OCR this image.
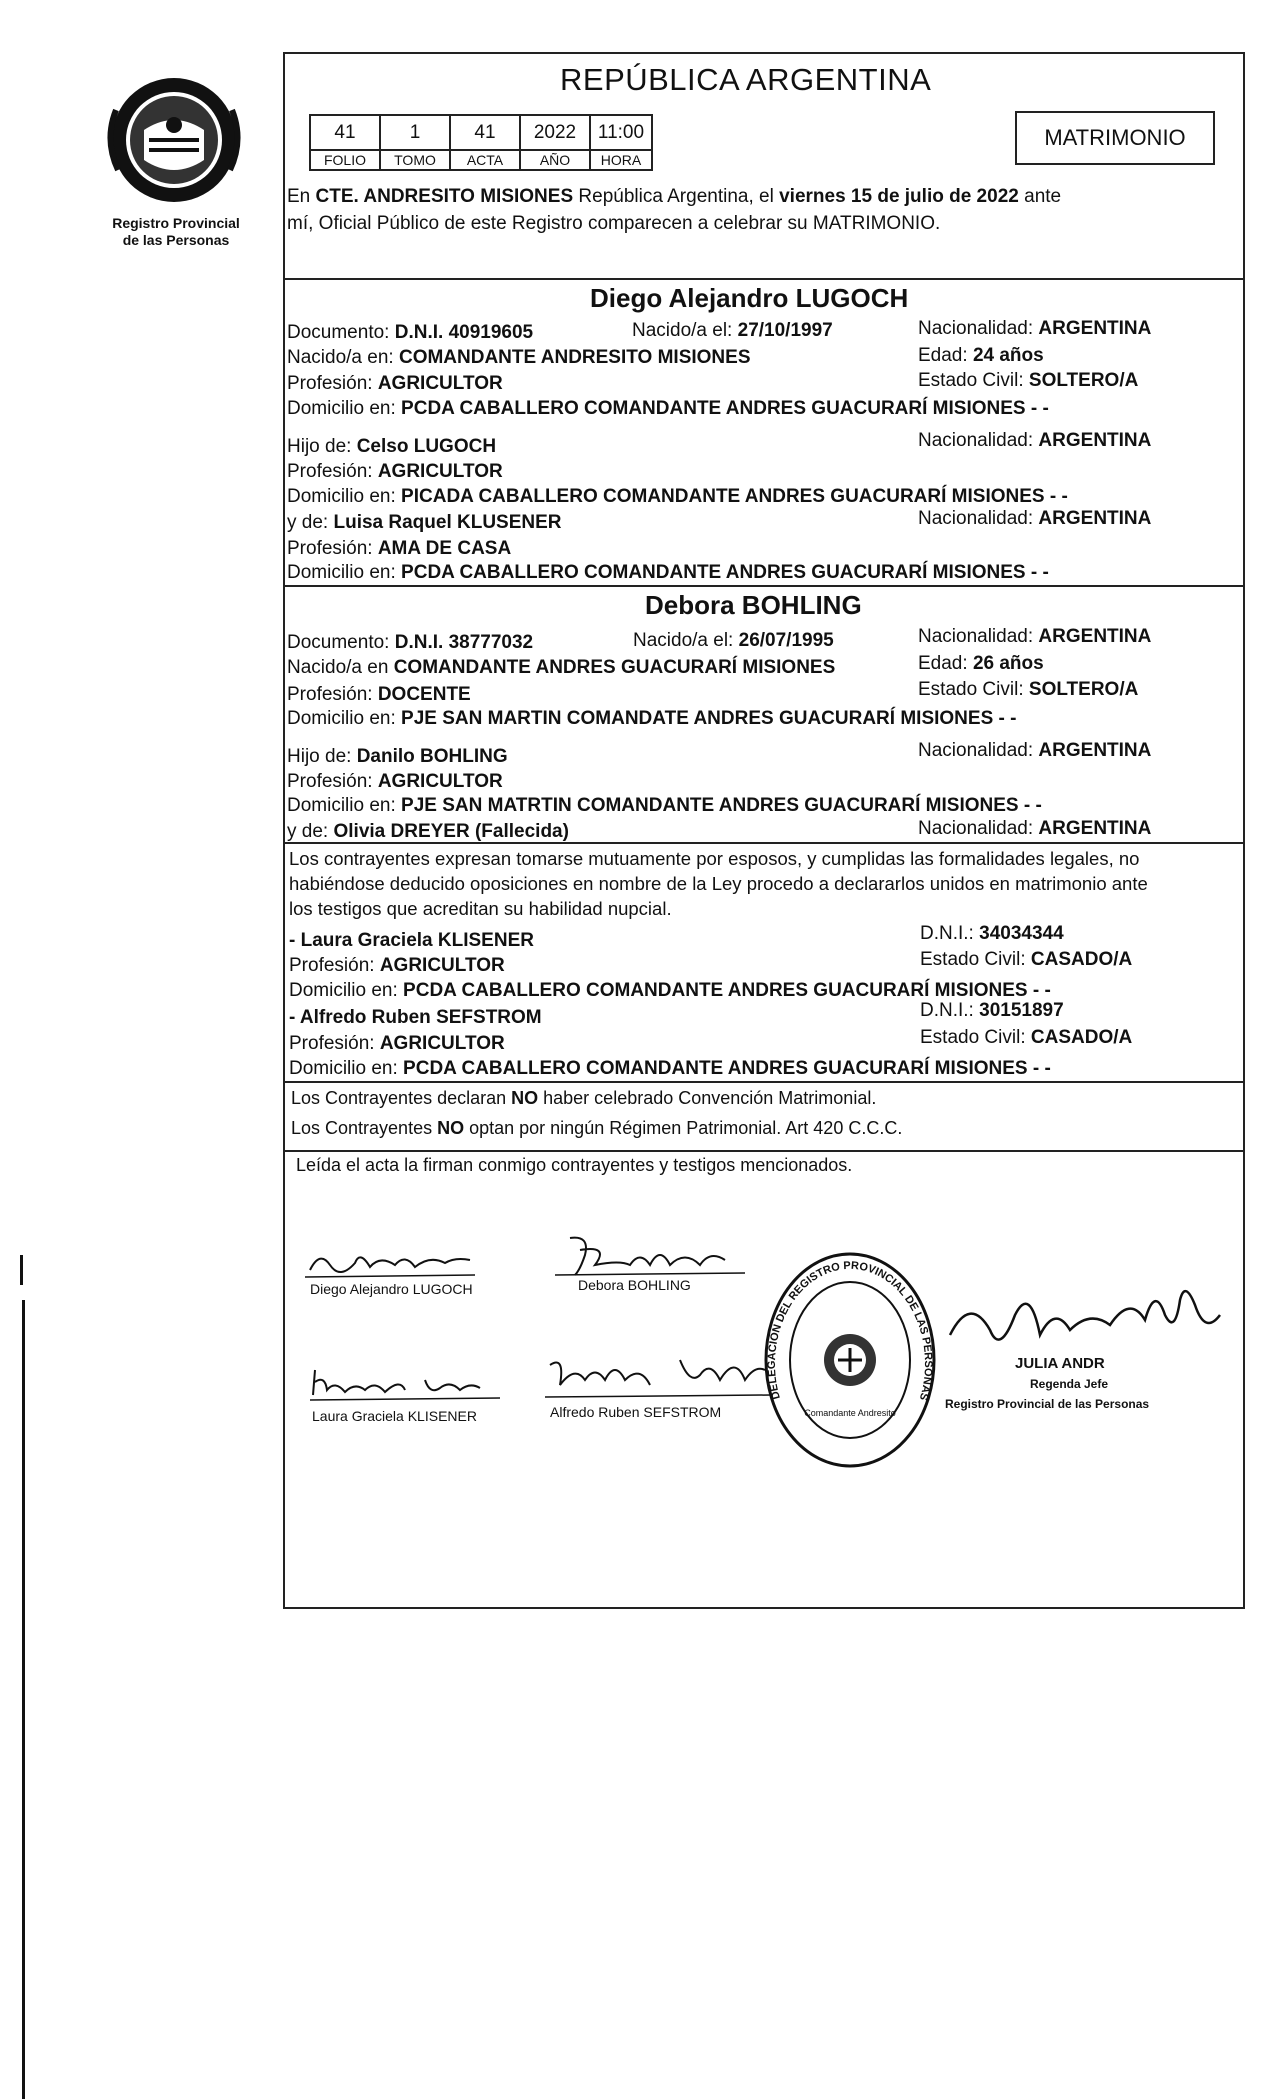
Registro Provincial
de las Personas
REPÚBLICA ARGENTINA
41	1	41	2022	11:00
FOLIO	TOMO	ACTA	AÑO	HORA
MATRIMONIO
En CTE. ANDRESITO MISIONES República Argentina, el viernes 15 de julio de 2022 ante
mí, Oficial Público de este Registro comparecen a celebrar su MATRIMONIO.
Diego Alejandro LUGOCH
Documento: D.N.I. 40919605	Nacido/a el: 27/10/1997	Nacionalidad: ARGENTINA
Nacido/a en: COMANDANTE ANDRESITO MISIONES	Edad: 24 años
Profesión: AGRICULTOR	Estado Civil: SOLTERO/A
Domicilio en: PCDA CABALLERO COMANDANTE ANDRES GUACURARÍ MISIONES - -
Hijo de: Celso LUGOCH	Nacionalidad: ARGENTINA
Profesión: AGRICULTOR
Domicilio en: PICADA CABALLERO COMANDANTE ANDRES GUACURARÍ MISIONES - -
y de: Luisa Raquel KLUSENER	Nacionalidad: ARGENTINA
Profesión: AMA DE CASA
Domicilio en: PCDA CABALLERO COMANDANTE ANDRES GUACURARÍ MISIONES - -
Debora BOHLING
Documento: D.N.I. 38777032	Nacido/a el: 26/07/1995	Nacionalidad: ARGENTINA
Nacido/a en COMANDANTE ANDRES GUACURARÍ MISIONES	Edad: 26 años
Profesión: DOCENTE	Estado Civil: SOLTERO/A
Domicilio en: PJE SAN MARTIN COMANDATE ANDRES GUACURARÍ MISIONES - -
Hijo de: Danilo BOHLING	Nacionalidad: ARGENTINA
Profesión: AGRICULTOR
Domicilio en: PJE SAN MATRTIN COMANDANTE ANDRES GUACURARÍ MISIONES - -
y de: Olivia DREYER (Fallecida)	Nacionalidad: ARGENTINA
Los contrayentes expresan tomarse mutuamente por esposos, y cumplidas las formalidades legales, no
habiéndose deducido oposiciones en nombre de la Ley procedo a declararlos unidos en matrimonio ante
los testigos que acreditan su habilidad nupcial.
- Laura Graciela KLISENER	D.N.I.: 34034344
Profesión: AGRICULTOR	Estado Civil: CASADO/A
Domicilio en: PCDA CABALLERO COMANDANTE ANDRES GUACURARÍ MISIONES - -
- Alfredo Ruben SEFSTROM	D.N.I.: 30151897
Profesión: AGRICULTOR	Estado Civil: CASADO/A
Domicilio en: PCDA CABALLERO COMANDANTE ANDRES GUACURARÍ MISIONES - -
Los Contrayentes declaran NO haber celebrado Convención Matrimonial.
Los Contrayentes NO optan por ningún Régimen Patrimonial. Art 420 C.C.C.
Leída el acta la firman conmigo contrayentes y testigos mencionados.
Diego Alejandro LUGOCH	Debora BOHLING
Laura Graciela KLISENER	Alfredo Ruben SEFSTROM
DELEGACIÓN DEL REGISTRO PROVINCIAL DE LAS PERSONAS
Comandante Andresito
JULIA ANDR
Regenda Jefe
Registro Provincial de las Personas
